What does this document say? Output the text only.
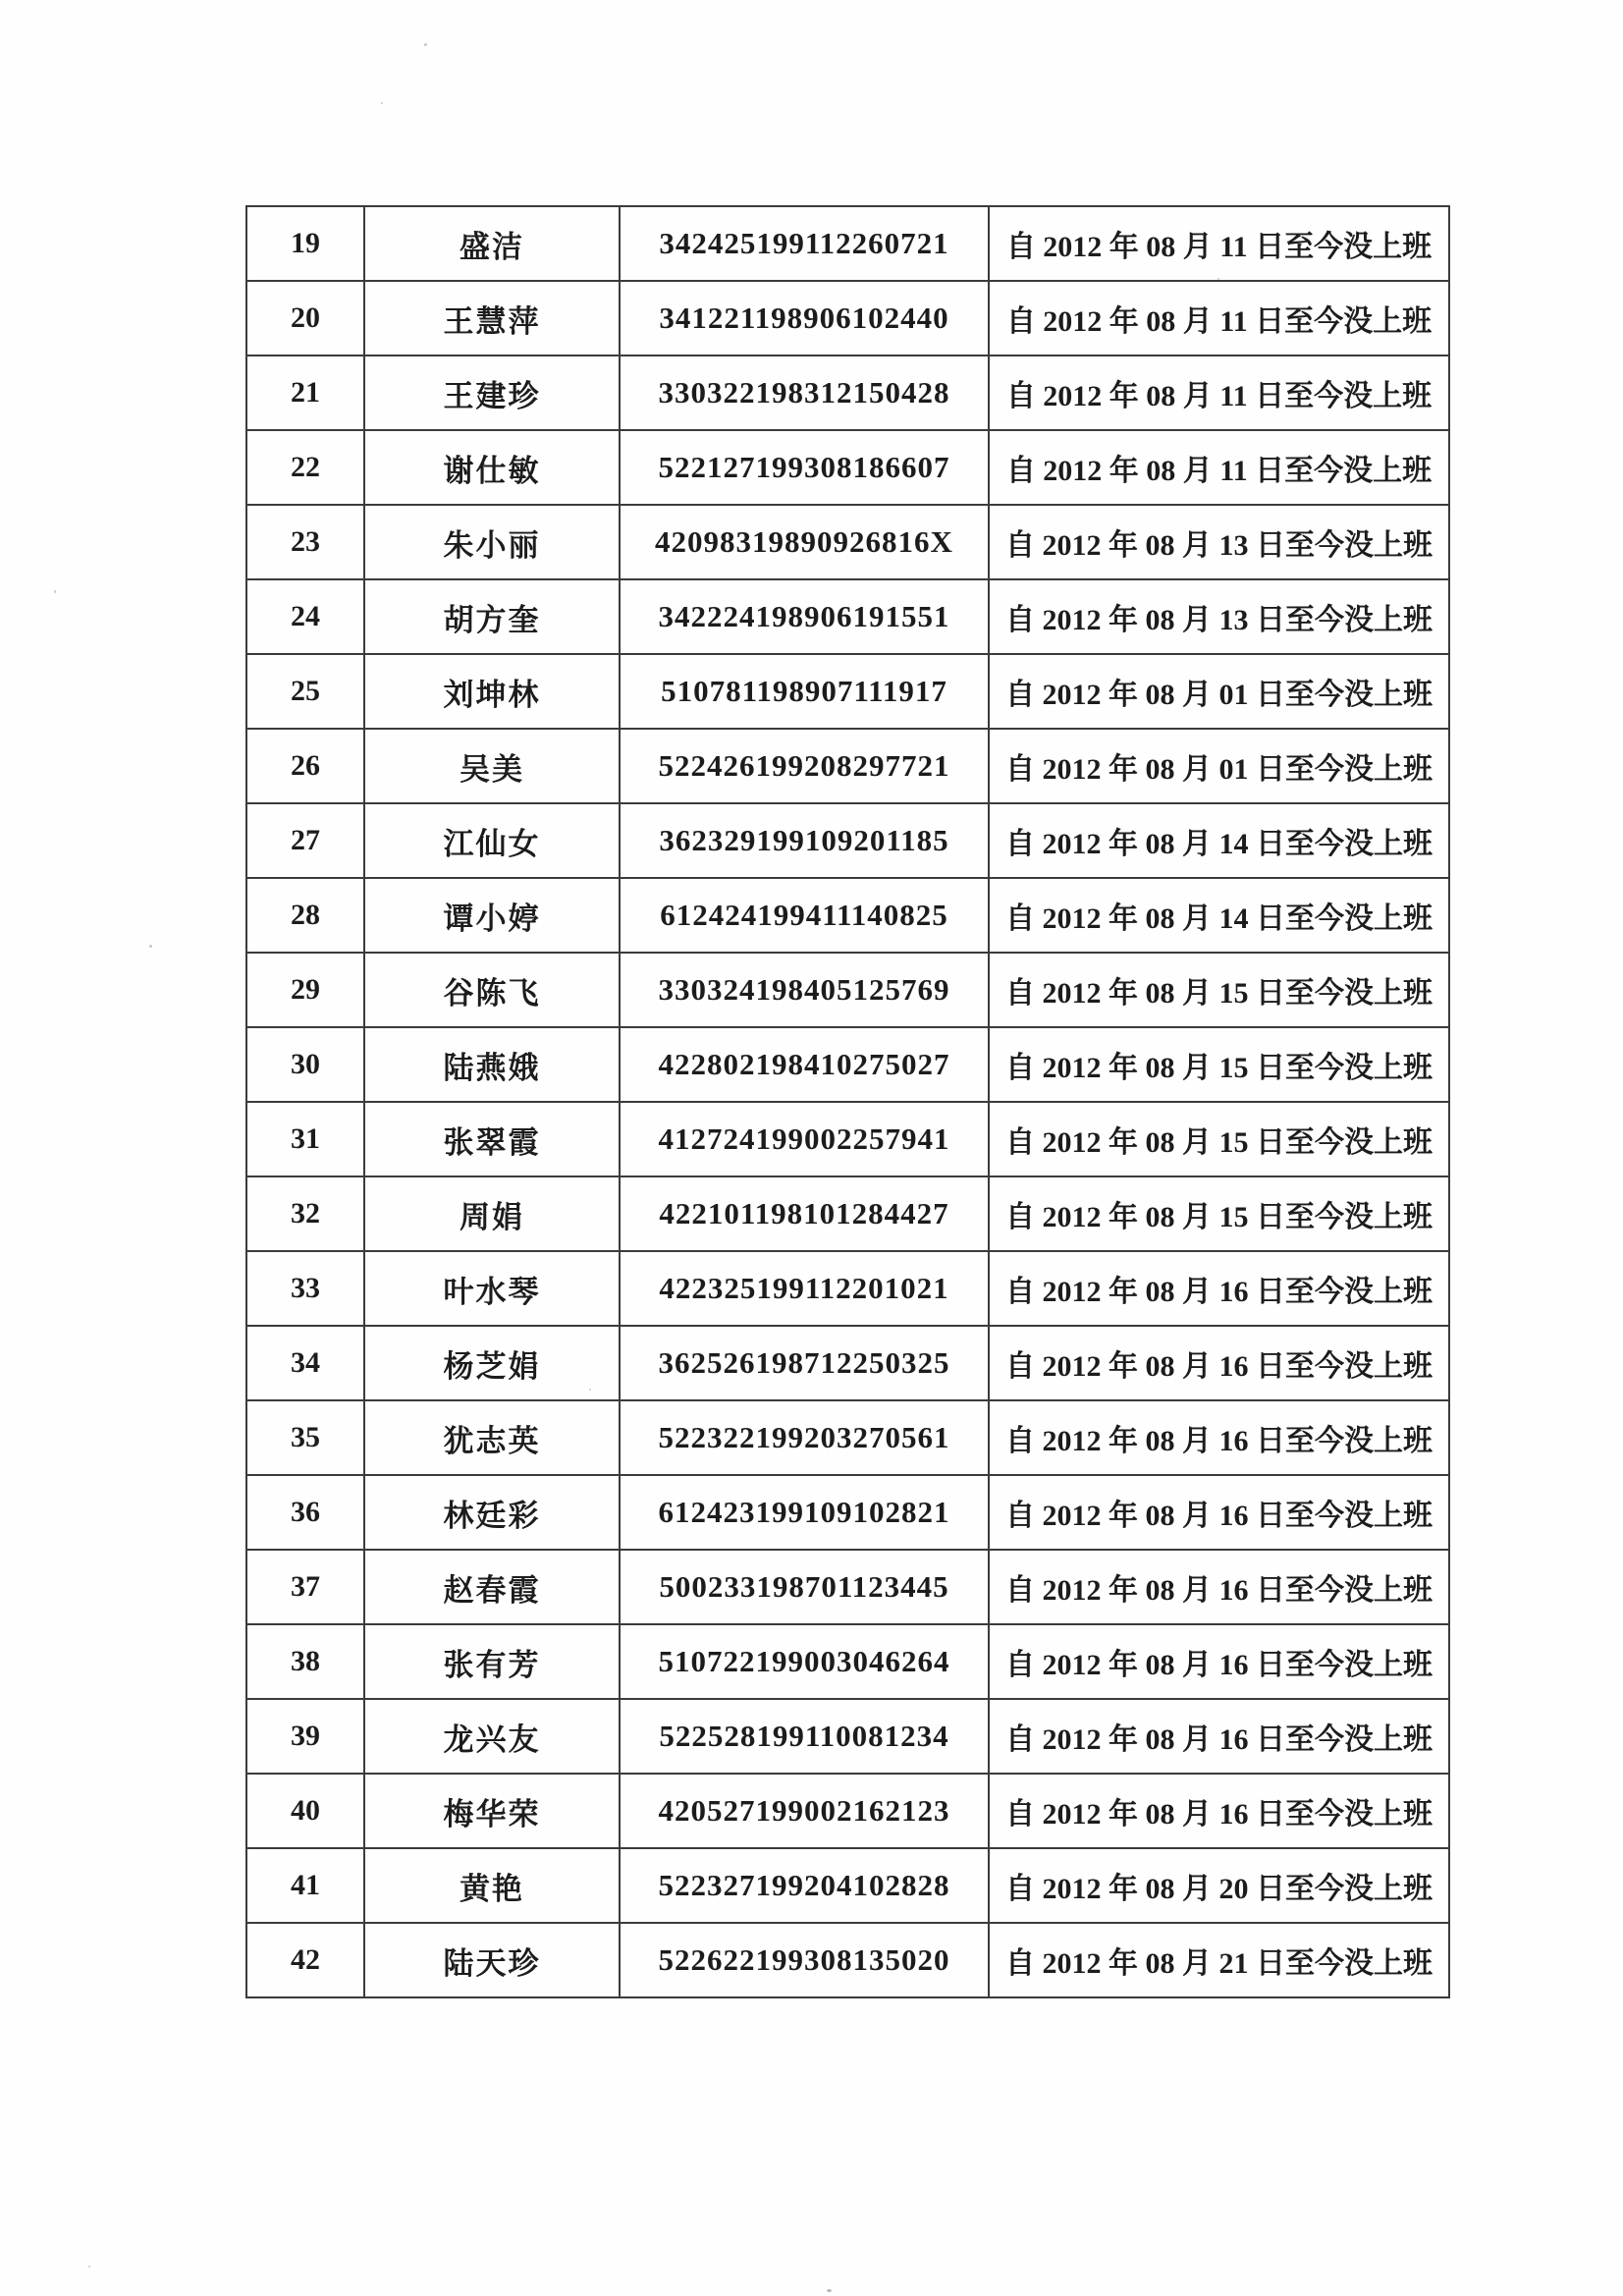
19	盛洁	342425199112260721	自 2012 年 08 月 11 日至今没上班
20	王慧萍	341221198906102440	自 2012 年 08 月 11 日至今没上班
21	王建珍	330322198312150428	自 2012 年 08 月 11 日至今没上班
22	谢仕敏	522127199308186607	自 2012 年 08 月 11 日至今没上班
23	朱小丽	42098319890926816X	自 2012 年 08 月 13 日至今没上班
24	胡方奎	342224198906191551	自 2012 年 08 月 13 日至今没上班
25	刘坤林	510781198907111917	自 2012 年 08 月 01 日至今没上班
26	吴美	522426199208297721	自 2012 年 08 月 01 日至今没上班
27	江仙女	362329199109201185	自 2012 年 08 月 14 日至今没上班
28	谭小婷	612424199411140825	自 2012 年 08 月 14 日至今没上班
29	谷陈飞	330324198405125769	自 2012 年 08 月 15 日至今没上班
30	陆燕娥	422802198410275027	自 2012 年 08 月 15 日至今没上班
31	张翠霞	412724199002257941	自 2012 年 08 月 15 日至今没上班
32	周娟	422101198101284427	自 2012 年 08 月 15 日至今没上班
33	叶水琴	422325199112201021	自 2012 年 08 月 16 日至今没上班
34	杨芝娟	362526198712250325	自 2012 年 08 月 16 日至今没上班
35	犹志英	522322199203270561	自 2012 年 08 月 16 日至今没上班
36	林廷彩	612423199109102821	自 2012 年 08 月 16 日至今没上班
37	赵春霞	500233198701123445	自 2012 年 08 月 16 日至今没上班
38	张有芳	510722199003046264	自 2012 年 08 月 16 日至今没上班
39	龙兴友	522528199110081234	自 2012 年 08 月 16 日至今没上班
40	梅华荣	420527199002162123	自 2012 年 08 月 16 日至今没上班
41	黄艳	522327199204102828	自 2012 年 08 月 20 日至今没上班
42	陆天珍	522622199308135020	自 2012 年 08 月 21 日至今没上班
